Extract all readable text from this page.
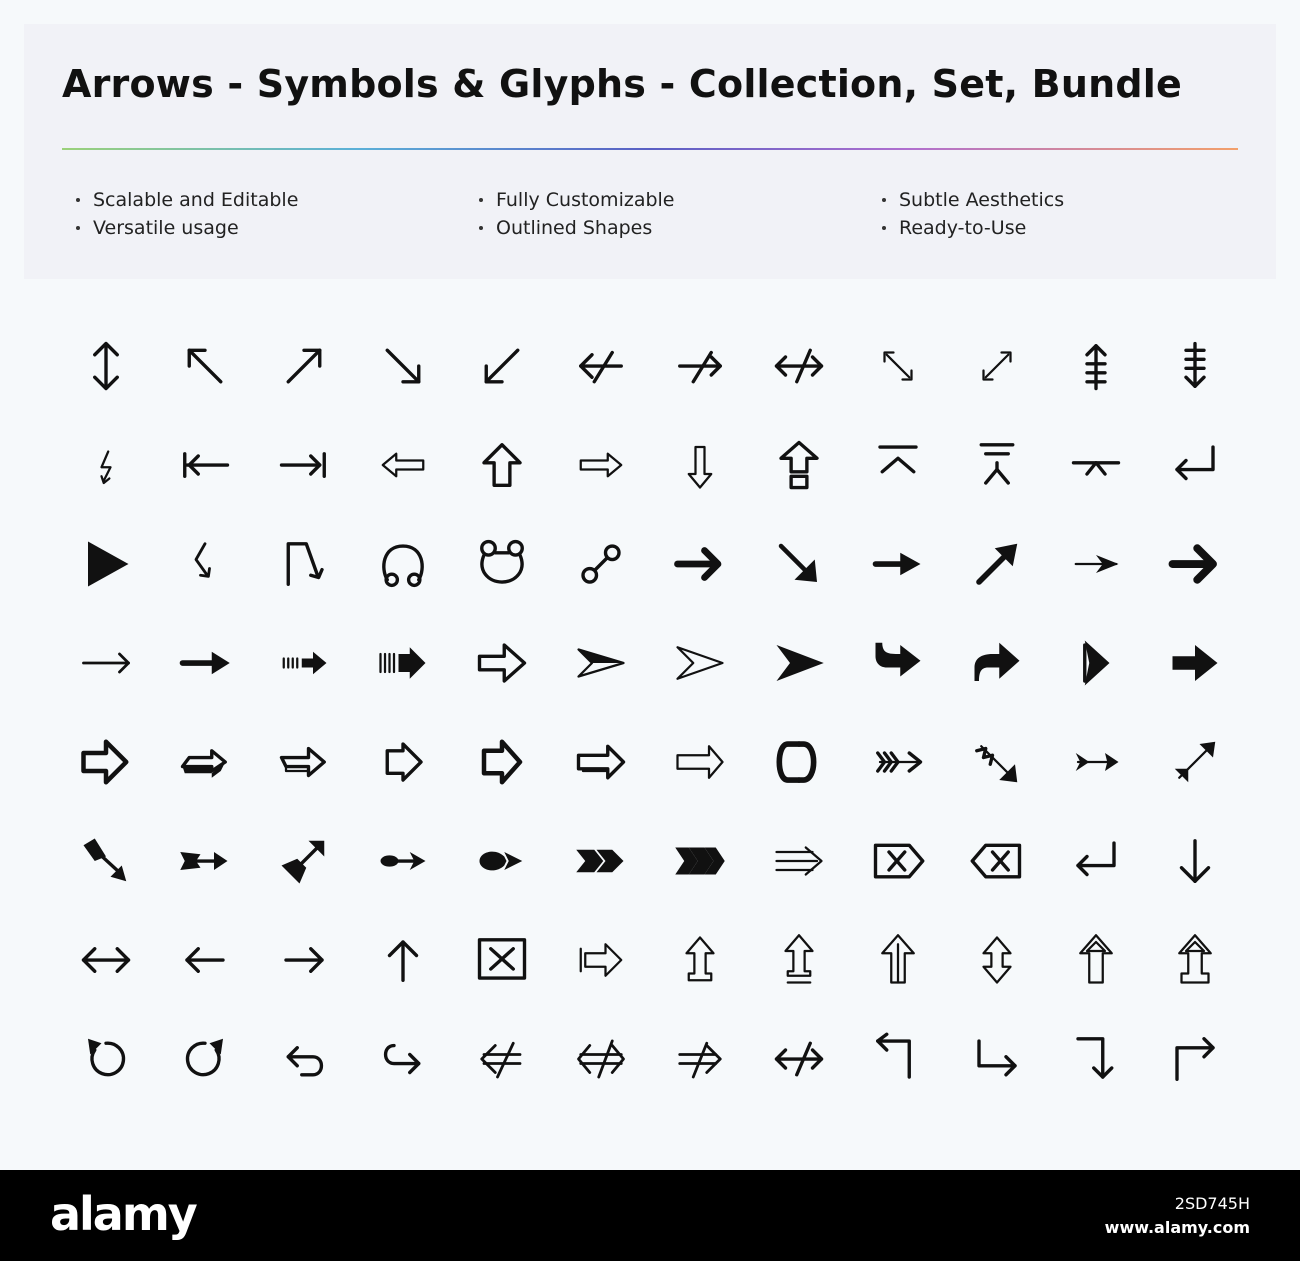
Arrows - Symbols & Glyphs - Collection, Set, Bundle
Scalable and Editable
Versatile usage
Fully Customizable
Outlined Shapes
Subtle Aesthetics
Ready-to-Use
alamy	2SD745H
www.alamy.com
